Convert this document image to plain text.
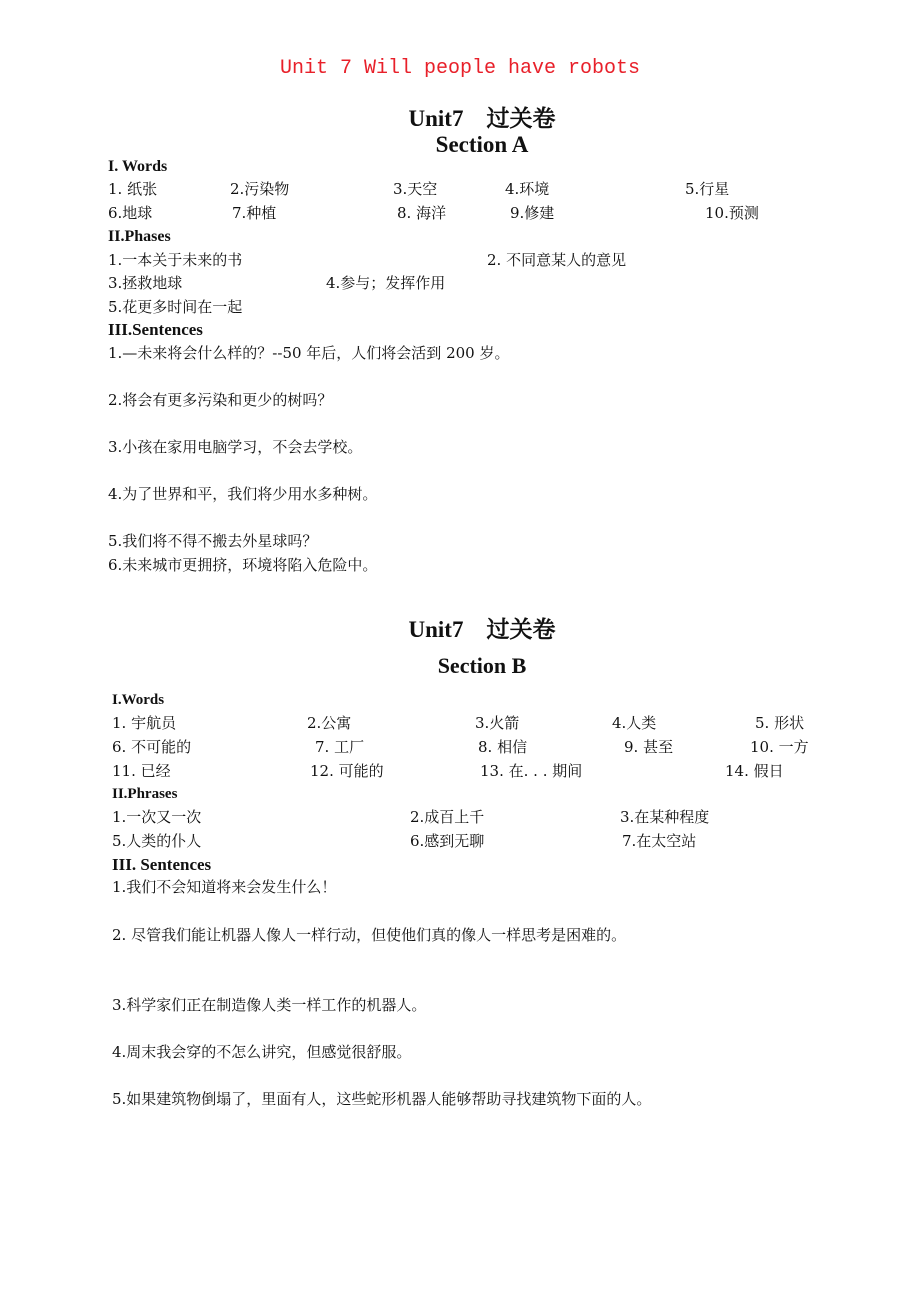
Unit 7 Will people have robots
Unit7　过关卷
Section A
I. Words
1. 纸张	2.污染物	3.天空	4.环境	5.行星
6.地球	7.种植	8. 海洋	9.修建	10.预测
II.Phases
1.一本关于未来的书	2. 不同意某人的意见
3.拯救地球	4.参与；发挥作用
5.花更多时间在一起
III.Sentences
1.—未来将会什么样的？--50 年后，人们将会活到 200 岁。
2.将会有更多污染和更少的树吗？
3.小孩在家用电脑学习，不会去学校。
4.为了世界和平，我们将少用水多种树。
5.我们将不得不搬去外星球吗？
6.未来城市更拥挤，环境将陷入危险中。
Unit7　过关卷
Section B
I.Words
1. 宇航员	2.公寓	3.火箭	4.人类	5. 形状
6. 不可能的	7. 工厂	8. 相信	9. 甚至	10. 一方
11. 已经	12. 可能的	13. 在. . . 期间	14. 假日
II.Phrases
1.一次又一次	2.成百上千	3.在某种程度
5.人类的仆人	6.感到无聊	7.在太空站
III. Sentences
1.我们不会知道将来会发生什么！
2. 尽管我们能让机器人像人一样行动，但使他们真的像人一样思考是困难的。
3.科学家们正在制造像人类一样工作的机器人。
4.周末我会穿的不怎么讲究，但感觉很舒服。
5.如果建筑物倒塌了，里面有人，这些蛇形机器人能够帮助寻找建筑物下面的人。
